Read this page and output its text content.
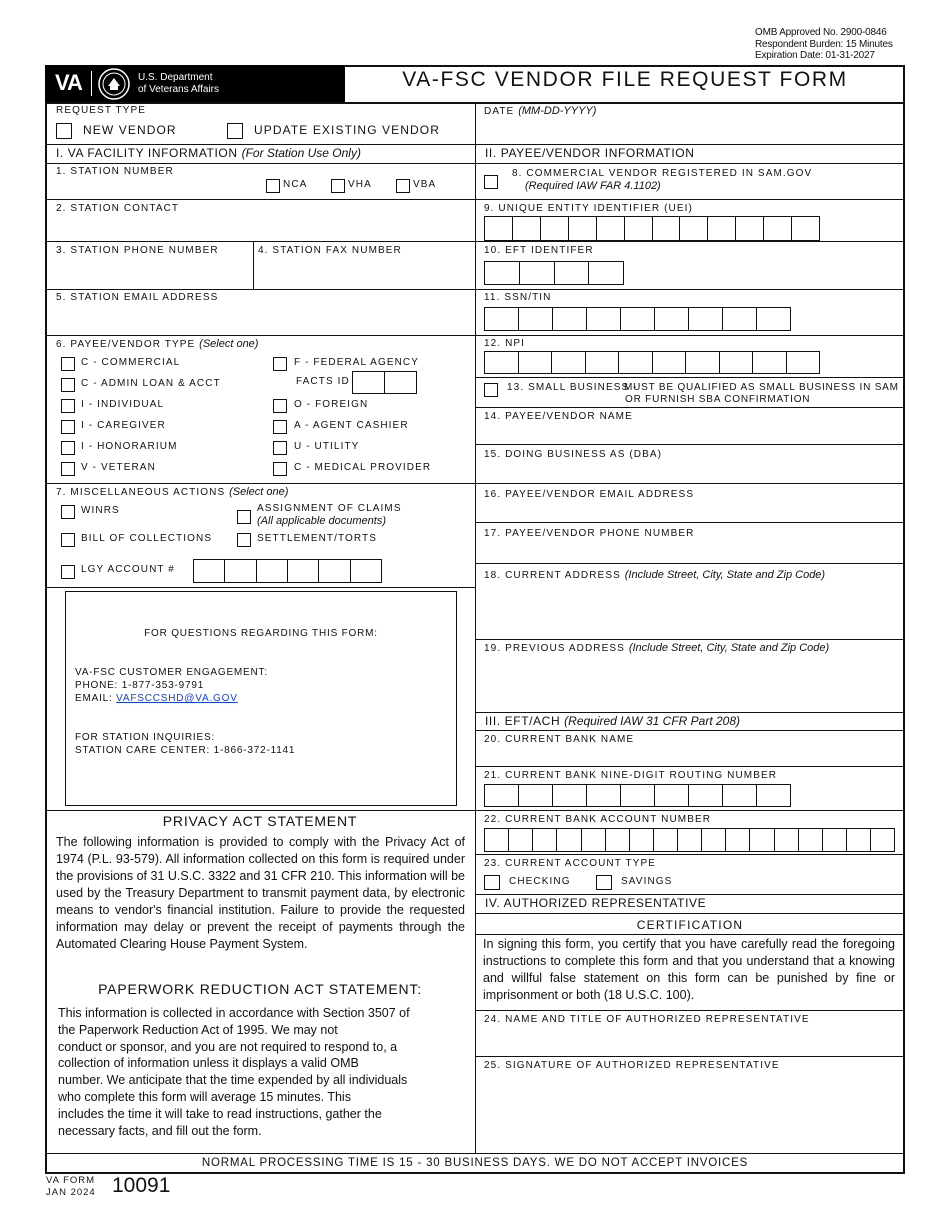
OMB Approved No. 2900-0846
Respondent Burden: 15 Minutes
Expiration Date: 01-31-2027
VA	U.S. Department
of Veterans Affairs	VA-FSC VENDOR FILE REQUEST FORM
REQUEST TYPE
NEW VENDOR	UPDATE EXISTING VENDOR
I. VA FACILITY INFORMATION (For Station Use Only)
1. STATION NUMBER
NCA	VHA	VBA
2. STATION CONTACT
3. STATION PHONE NUMBER	4. STATION FAX NUMBER
5. STATION EMAIL ADDRESS
6. PAYEE/VENDOR TYPE (Select one)
C - COMMERCIAL
C - ADMIN LOAN & ACCT
I - INDIVIDUAL
I - CAREGIVER
I - HONORARIUM
V - VETERAN
F - FEDERAL AGENCY
FACTS ID
O - FOREIGN
A - AGENT CASHIER
U - UTILITY
C - MEDICAL PROVIDER
7. MISCELLANEOUS ACTIONS (Select one)
WINRS	ASSIGNMENT OF CLAIMS
(All applicable documents)
BILL OF COLLECTIONS	SETTLEMENT/TORTS
LGY ACCOUNT #
FOR QUESTIONS REGARDING THIS FORM:
VA-FSC CUSTOMER ENGAGEMENT:
PHONE: 1-877-353-9791
EMAIL: VAFSCCSHD@VA.GOV
FOR STATION INQUIRIES:
STATION CARE CENTER: 1-866-372-1141
PRIVACY ACT STATEMENT
The following information is provided to comply with the Privacy Act of 1974 (P.L. 93-579). All information collected on this form is required under the provisions of 31 U.S.C. 3322 and 31 CFR 210. This information will be used by the Treasury Department to transmit payment data, by electronic means to vendor's financial institution. Failure to provide the requested information may delay or prevent the receipt of payments through the Automated Clearing House Payment System.
PAPERWORK REDUCTION ACT STATEMENT:
This information is collected in accordance with Section 3507 of
the Paperwork Reduction Act of 1995. We may not
conduct or sponsor, and you are not required to respond to, a
collection of information unless it displays a valid OMB
number. We anticipate that the time expended by all individuals
who complete this form will average 15 minutes. This
includes the time it will take to read instructions, gather the
necessary facts, and fill out the form.
DATE (MM-DD-YYYY)
II. PAYEE/VENDOR INFORMATION
8. COMMERCIAL VENDOR REGISTERED IN SAM.GOV
(Required IAW FAR 4.1102)
9. UNIQUE ENTITY IDENTIFIER (UEI)
10. EFT IDENTIFER
11. SSN/TIN
12. NPI
13. SMALL BUSINESS -
MUST BE QUALIFIED AS SMALL BUSINESS IN SAM
OR FURNISH SBA CONFIRMATION
14. PAYEE/VENDOR NAME
15. DOING BUSINESS AS (DBA)
16. PAYEE/VENDOR EMAIL ADDRESS
17. PAYEE/VENDOR PHONE NUMBER
18. CURRENT ADDRESS (Include Street, City, State and Zip Code)
19. PREVIOUS ADDRESS (Include Street, City, State and Zip Code)
III. EFT/ACH (Required IAW 31 CFR Part 208)
20. CURRENT BANK NAME
21. CURRENT BANK NINE-DIGIT ROUTING NUMBER
22. CURRENT BANK ACCOUNT NUMBER
23. CURRENT ACCOUNT TYPE
CHECKING	SAVINGS
IV. AUTHORIZED REPRESENTATIVE
CERTIFICATION
In signing this form, you certify that you have carefully read the foregoing instructions to complete this form and that you understand that a knowing and willful false statement on this form can be punished by fine or imprisonment or both (18 U.S.C. 100).
24. NAME AND TITLE OF AUTHORIZED REPRESENTATIVE
25. SIGNATURE OF AUTHORIZED REPRESENTATIVE
NORMAL PROCESSING TIME IS 15 - 30 BUSINESS DAYS. WE DO NOT ACCEPT INVOICES
VA FORM
JAN 2024 10091
